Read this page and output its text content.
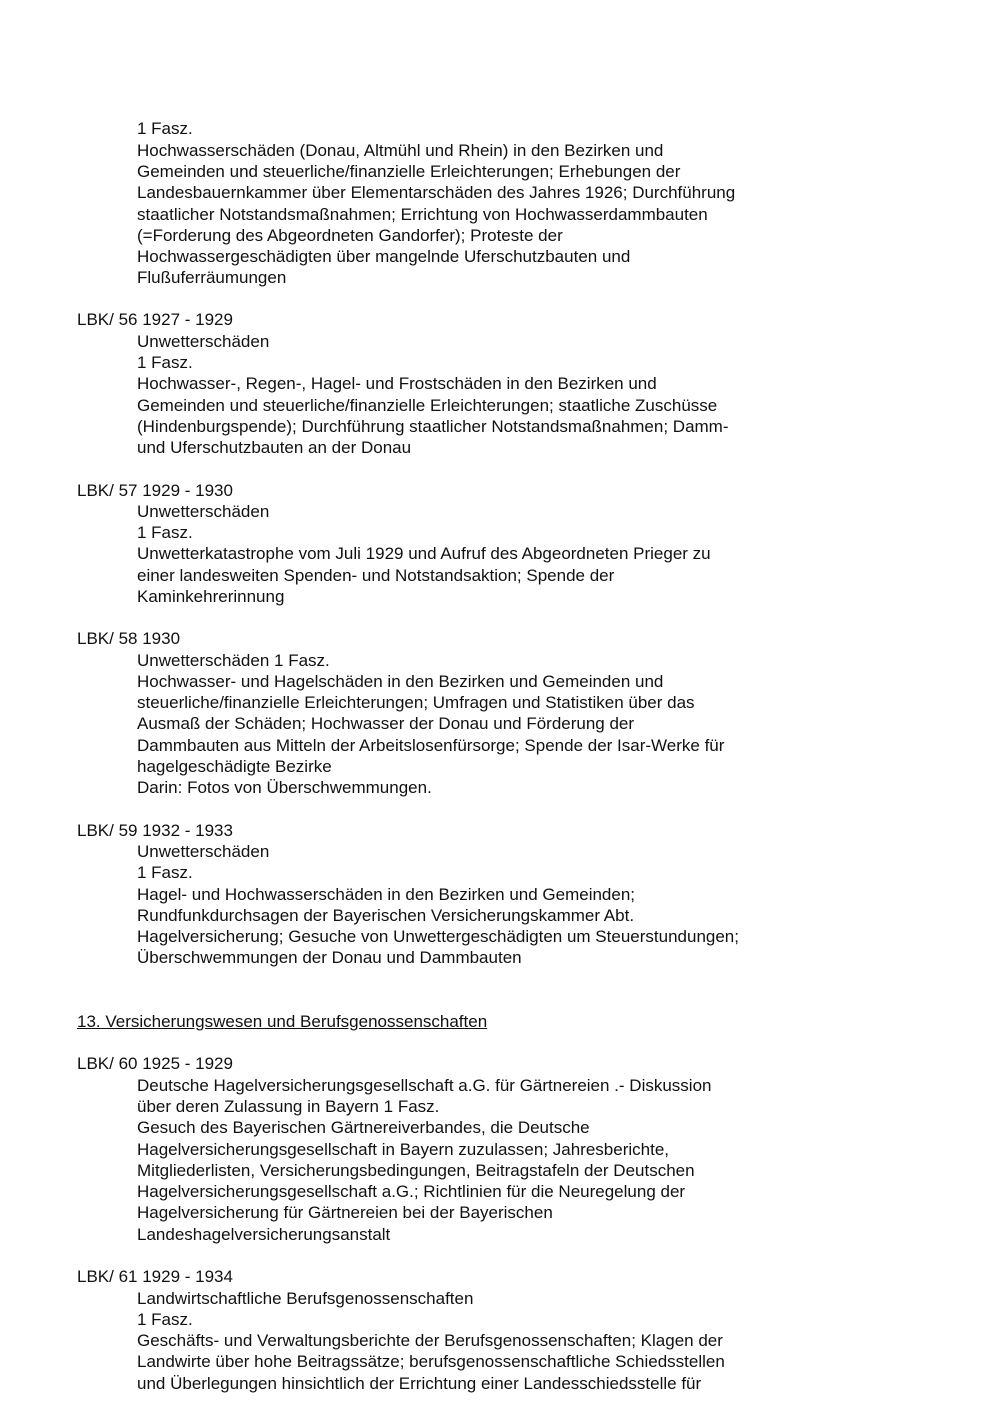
1 Fasz.
Hochwasserschäden (Donau, Altmühl und Rhein) in den Bezirken und
Gemeinden und steuerliche/finanzielle Erleichterungen; Erhebungen der
Landesbauernkammer über Elementarschäden des Jahres 1926; Durchführung
staatlicher Notstandsmaßnahmen; Errichtung von Hochwasserdammbauten
(=Forderung des Abgeordneten Gandorfer); Proteste der
Hochwassergeschädigten über mangelnde Uferschutzbauten und
Flußuferräumungen
LBK/ 56 1927 - 1929
Unwetterschäden
1 Fasz.
Hochwasser-, Regen-, Hagel- und Frostschäden in den Bezirken und
Gemeinden und steuerliche/finanzielle Erleichterungen; staatliche Zuschüsse
(Hindenburgspende); Durchführung staatlicher Notstandsmaßnahmen; Damm-
und Uferschutzbauten an der Donau
LBK/ 57 1929 - 1930
Unwetterschäden
1 Fasz.
Unwetterkatastrophe vom Juli 1929 und Aufruf des Abgeordneten Prieger zu
einer landesweiten Spenden- und Notstandsaktion; Spende der
Kaminkehrerinnung
LBK/ 58 1930
Unwetterschäden 1 Fasz.
Hochwasser- und Hagelschäden in den Bezirken und Gemeinden und
steuerliche/finanzielle Erleichterungen; Umfragen und Statistiken über das
Ausmaß der Schäden; Hochwasser der Donau und Förderung der
Dammbauten aus Mitteln der Arbeitslosenfürsorge; Spende der Isar-Werke für
hagelgeschädigte Bezirke
Darin: Fotos von Überschwemmungen.
LBK/ 59 1932 - 1933
Unwetterschäden
1 Fasz.
Hagel- und Hochwasserschäden in den Bezirken und Gemeinden;
Rundfunkdurchsagen der Bayerischen Versicherungskammer Abt.
Hagelversicherung; Gesuche von Unwettergeschädigten um Steuerstundungen;
Überschwemmungen der Donau und Dammbauten
13. Versicherungswesen und Berufsgenossenschaften
LBK/ 60 1925 - 1929
Deutsche Hagelversicherungsgesellschaft a.G. für Gärtnereien .- Diskussion
über deren Zulassung in Bayern 1 Fasz.
Gesuch des Bayerischen Gärtnereiverbandes, die Deutsche
Hagelversicherungsgesellschaft in Bayern zuzulassen; Jahresberichte,
Mitgliederlisten, Versicherungsbedingungen, Beitragstafeln der Deutschen
Hagelversicherungsgesellschaft a.G.; Richtlinien für die Neuregelung der
Hagelversicherung für Gärtnereien bei der Bayerischen
Landeshagelversicherungsanstalt
LBK/ 61 1929 - 1934
Landwirtschaftliche Berufsgenossenschaften
1 Fasz.
Geschäfts- und Verwaltungsberichte der Berufsgenossenschaften; Klagen der
Landwirte über hohe Beitragssätze; berufsgenossenschaftliche Schiedsstellen
und Überlegungen hinsichtlich der Errichtung einer Landesschiedsstelle für
